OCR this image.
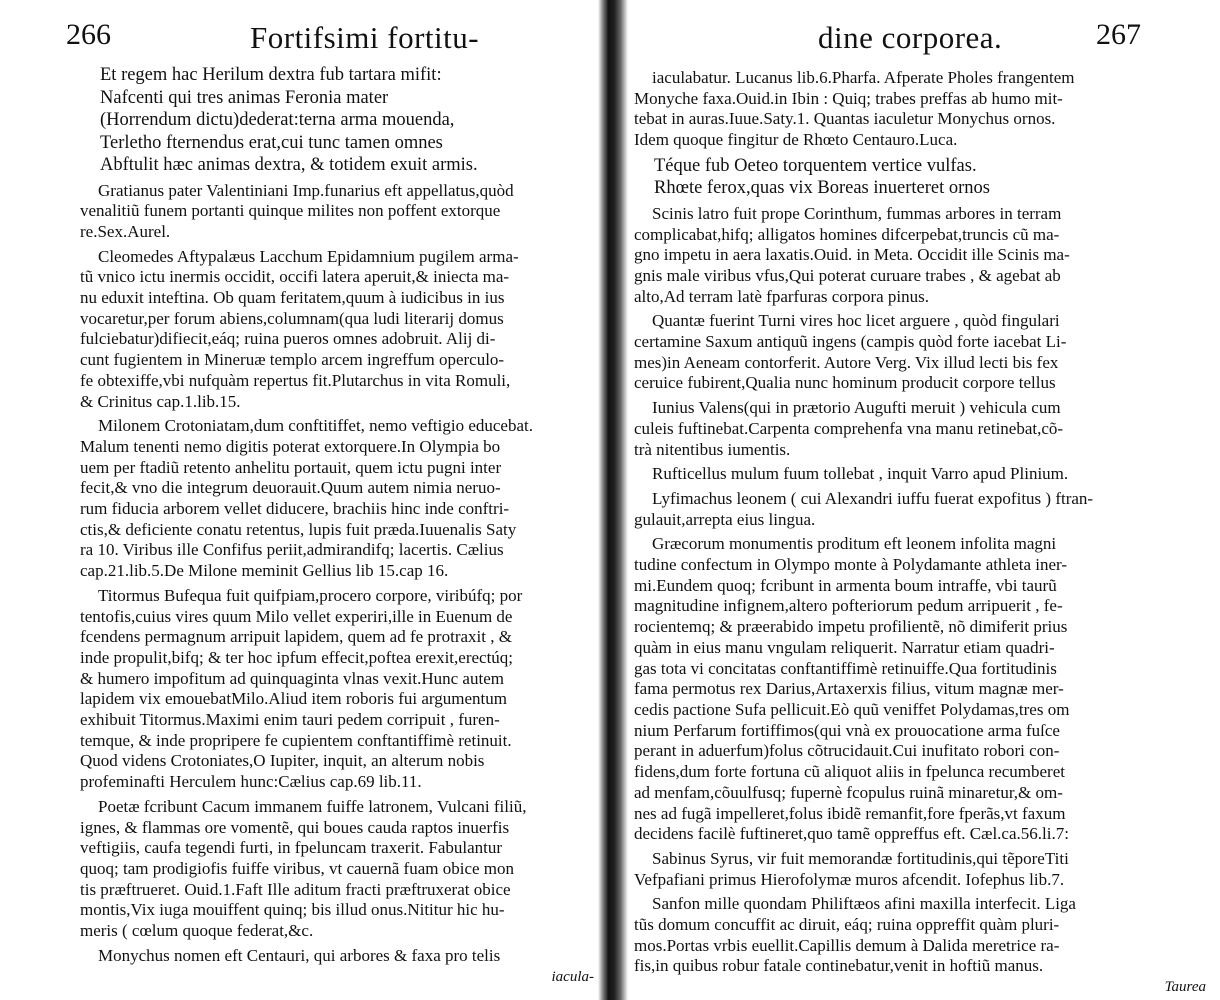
266	Fortifsimi fortitu-
Et regem hac Herilum dextra fub tartara mifit:
Nafcenti qui tres animas Feronia mater
(Horrendum dictu)dederat:terna arma mouenda,
Terletho fternendus erat,cui tunc tamen omnes
Abftulit hæc animas dextra, & totidem exuit armis.
Gratianus pater Valentiniani Imp.funarius eft appellatus,quòd
venalitiũ funem portanti quinque milites non poffent extorque
re.Sex.Aurel.
Cleomedes Aftypalæus Lacchum Epidamnium pugilem arma-
tũ vnico ictu inermis occidit, occifi latera aperuit,& iniecta ma-
nu eduxit inteftina. Ob quam feritatem,quum à iudicibus in ius
vocaretur,per forum abiens,columnam(qua ludi literarij domus
fulciebatur)difiecit,eáq; ruina pueros omnes adobruit. Alij di-
cunt fugientem in Mineruæ templo arcem ingreffum operculo-
fe obtexiffe,vbi nufquàm repertus fit.Plutarchus in vita Romuli,
& Crinitus cap.1.lib.15.
Milonem Crotoniatam,dum conftitiffet, nemo veftigio educebat.
Malum tenenti nemo digitis poterat extorquere.In Olympia bo
uem per ftadiũ retento anhelitu portauit, quem ictu pugni inter
fecit,& vno die integrum deuorauit.Quum autem nimia neruo-
rum fiducia arborem vellet diducere, brachiis hinc inde conftri-
ctis,& deficiente conatu retentus, lupis fuit præda.Iuuenalis Saty
ra 10. Viribus ille Confifus periit,admirandifq; lacertis. Cælius
cap.21.lib.5.De Milone meminit Gellius lib 15.cap 16.
Titormus Bufequa fuit quifpiam,procero corpore, viribúfq; por
tentofis,cuius vires quum Milo vellet experiri,ille in Euenum de
fcendens permagnum arripuit lapidem, quem ad fe protraxit , &
inde propulit,bifq; & ter hoc ipfum effecit,poftea erexit,erectúq;
& humero impofitum ad quinquaginta vlnas vexit.Hunc autem
lapidem vix emouebatMilo.Aliud item roboris fui argumentum
exhibuit Titormus.Maximi enim tauri pedem corripuit , furen-
temque, & inde propripere fe cupientem conftantiffimè retinuit.
Quod videns Crotoniates,O Iupiter, inquit, an alterum nobis
profeminafti Herculem hunc:Cælius cap.69 lib.11.
Poetæ fcribunt Cacum immanem fuiffe latronem, Vulcani filiũ,
ignes, & flammas ore vomentẽ, qui boues cauda raptos inuerfis
veftigiis, caufa tegendi furti, in fpeluncam traxerit. Fabulantur
quoq; tam prodigiofis fuiffe viribus, vt cauernã fuam obice mon
tis præftrueret. Ouid.1.Faft Ille aditum fracti præftruxerat obice
montis,Vix iuga mouiffent quinq; bis illud onus.Nititur hic hu-
meris ( cœlum quoque federat,&c.
Monychus nomen eft Centauri, qui arbores & faxa pro telis
iacula-
dine corporea.	267
iaculabatur. Lucanus lib.6.Pharfa. Afperate Pholes frangentem
Monyche faxa.Ouid.in Ibin : Quiq; trabes preffas ab humo mit-
tebat in auras.Iuue.Saty.1. Quantas iaculetur Monychus ornos.
Idem quoque fingitur de Rhœto Centauro.Luca.
Téque fub Oeteo torquentem vertice vulfas.
Rhœte ferox,quas vix Boreas inuerteret ornos
Scinis latro fuit prope Corinthum, fummas arbores in terram
complicabat,hifq; alligatos homines difcerpebat,truncis cũ ma-
gno impetu in aera laxatis.Ouid. in Meta. Occidit ille Scinis ma-
gnis male viribus vfus,Qui poterat curuare trabes , & agebat ab
alto,Ad terram latè fparfuras corpora pinus.
Quantæ fuerint Turni vires hoc licet arguere , quòd fingulari
certamine Saxum antiquũ ingens (campis quòd forte iacebat Li-
mes)in Aeneam contorferit. Autore Verg. Vix illud lecti bis fex
ceruice fubirent,Qualia nunc hominum producit corpore tellus
Iunius Valens(qui in prætorio Augufti meruit ) vehicula cum
culeis fuftinebat.Carpenta comprehenfa vna manu retinebat,cõ-
trà nitentibus iumentis.
Rufticellus mulum fuum tollebat , inquit Varro apud Plinium.
Lyfimachus leonem ( cui Alexandri iuffu fuerat expofitus ) ftran-
gulauit,arrepta eius lingua.
Græcorum monumentis proditum eft leonem infolita magni
tudine confectum in Olympo monte à Polydamante athleta iner-
mi.Eundem quoq; fcribunt in armenta boum intraffe, vbi taurũ
magnitudine infignem,altero pofteriorum pedum arripuerit , fe-
rocientemq; & præerabido impetu profilientẽ, nõ dimiferit prius
quàm in eius manu vngulam reliquerit. Narratur etiam quadri-
gas tota vi concitatas conftantiffimè retinuiffe.Qua fortitudinis
fama permotus rex Darius,Artaxerxis filius, vitum magnæ mer-
cedis pactione Sufa pellicuit.Eò quũ veniffet Polydamas,tres om
nium Perfarum fortiffimos(qui vnà ex prouocatione arma fuſce
perant in aduerfum)folus cõtrucidauit.Cui inufitato robori con-
fidens,dum forte fortuna cũ aliquot aliis in fpelunca recumberet
ad menfam,cõuulfusq; fupernè fcopulus ruinã minaretur,& om-
nes ad fugã impelleret,folus ibidẽ remanfit,fore fperãs,vt faxum
decidens facilè fuftineret,quo tamẽ oppreffus eft. Cæl.ca.56.li.7:
Sabinus Syrus, vir fuit memorandæ fortitudinis,qui tẽporeTiti
Vefpafiani primus Hierofolymæ muros afcendit. Iofephus lib.7.
Sanfon mille quondam Philiftæos afini maxilla interfecit. Liga
tũs domum concuffit ac diruit, eáq; ruina oppreffit quàm pluri-
mos.Portas vrbis euellit.Capillis demum à Dalida meretrice ra-
fis,in quibus robur fatale continebatur,venit in hoftiũ manus.
Taurea
